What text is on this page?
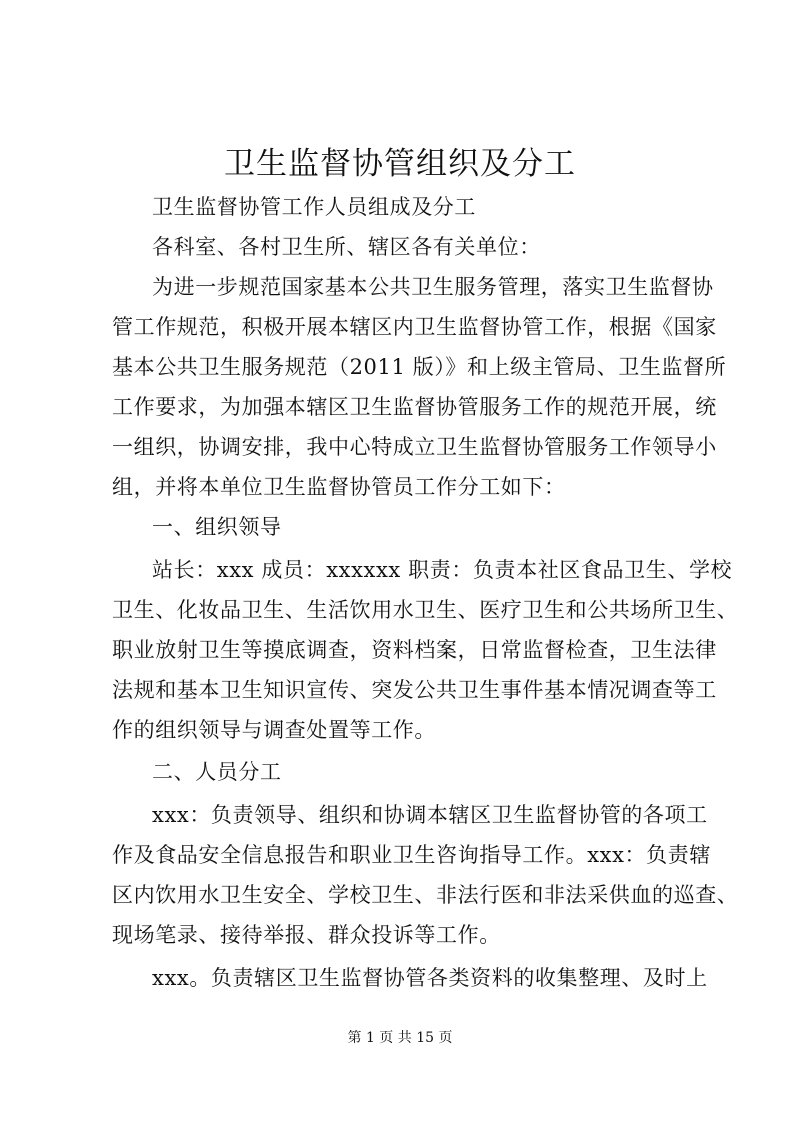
卫生监督协管组织及分工
卫生监督协管工作人员组成及分工
各科室、各村卫生所、辖区各有关单位：
为进一步规范国家基本公共卫生服务管理，落实卫生监督协
管工作规范，积极开展本辖区内卫生监督协管工作，根据《国家
基本公共卫生服务规范（2011 版）》和上级主管局、卫生监督所
工作要求，为加强本辖区卫生监督协管服务工作的规范开展，统
一组织，协调安排，我中心特成立卫生监督协管服务工作领导小
组，并将本单位卫生监督协管员工作分工如下：
一、组织领导
站长：xxx 成员：xxxxxx 职责：负责本社区食品卫生、学校
卫生、化妆品卫生、生活饮用水卫生、医疗卫生和公共场所卫生、
职业放射卫生等摸底调查，资料档案，日常监督检查，卫生法律
法规和基本卫生知识宣传、突发公共卫生事件基本情况调查等工
作的组织领导与调查处置等工作。
二、人员分工
xxx：负责领导、组织和协调本辖区卫生监督协管的各项工
作及食品安全信息报告和职业卫生咨询指导工作。xxx：负责辖
区内饮用水卫生安全、学校卫生、非法行医和非法采供血的巡查、
现场笔录、接待举报、群众投诉等工作。
xxx。负责辖区卫生监督协管各类资料的收集整理、及时上
第 1 页 共 15 页
